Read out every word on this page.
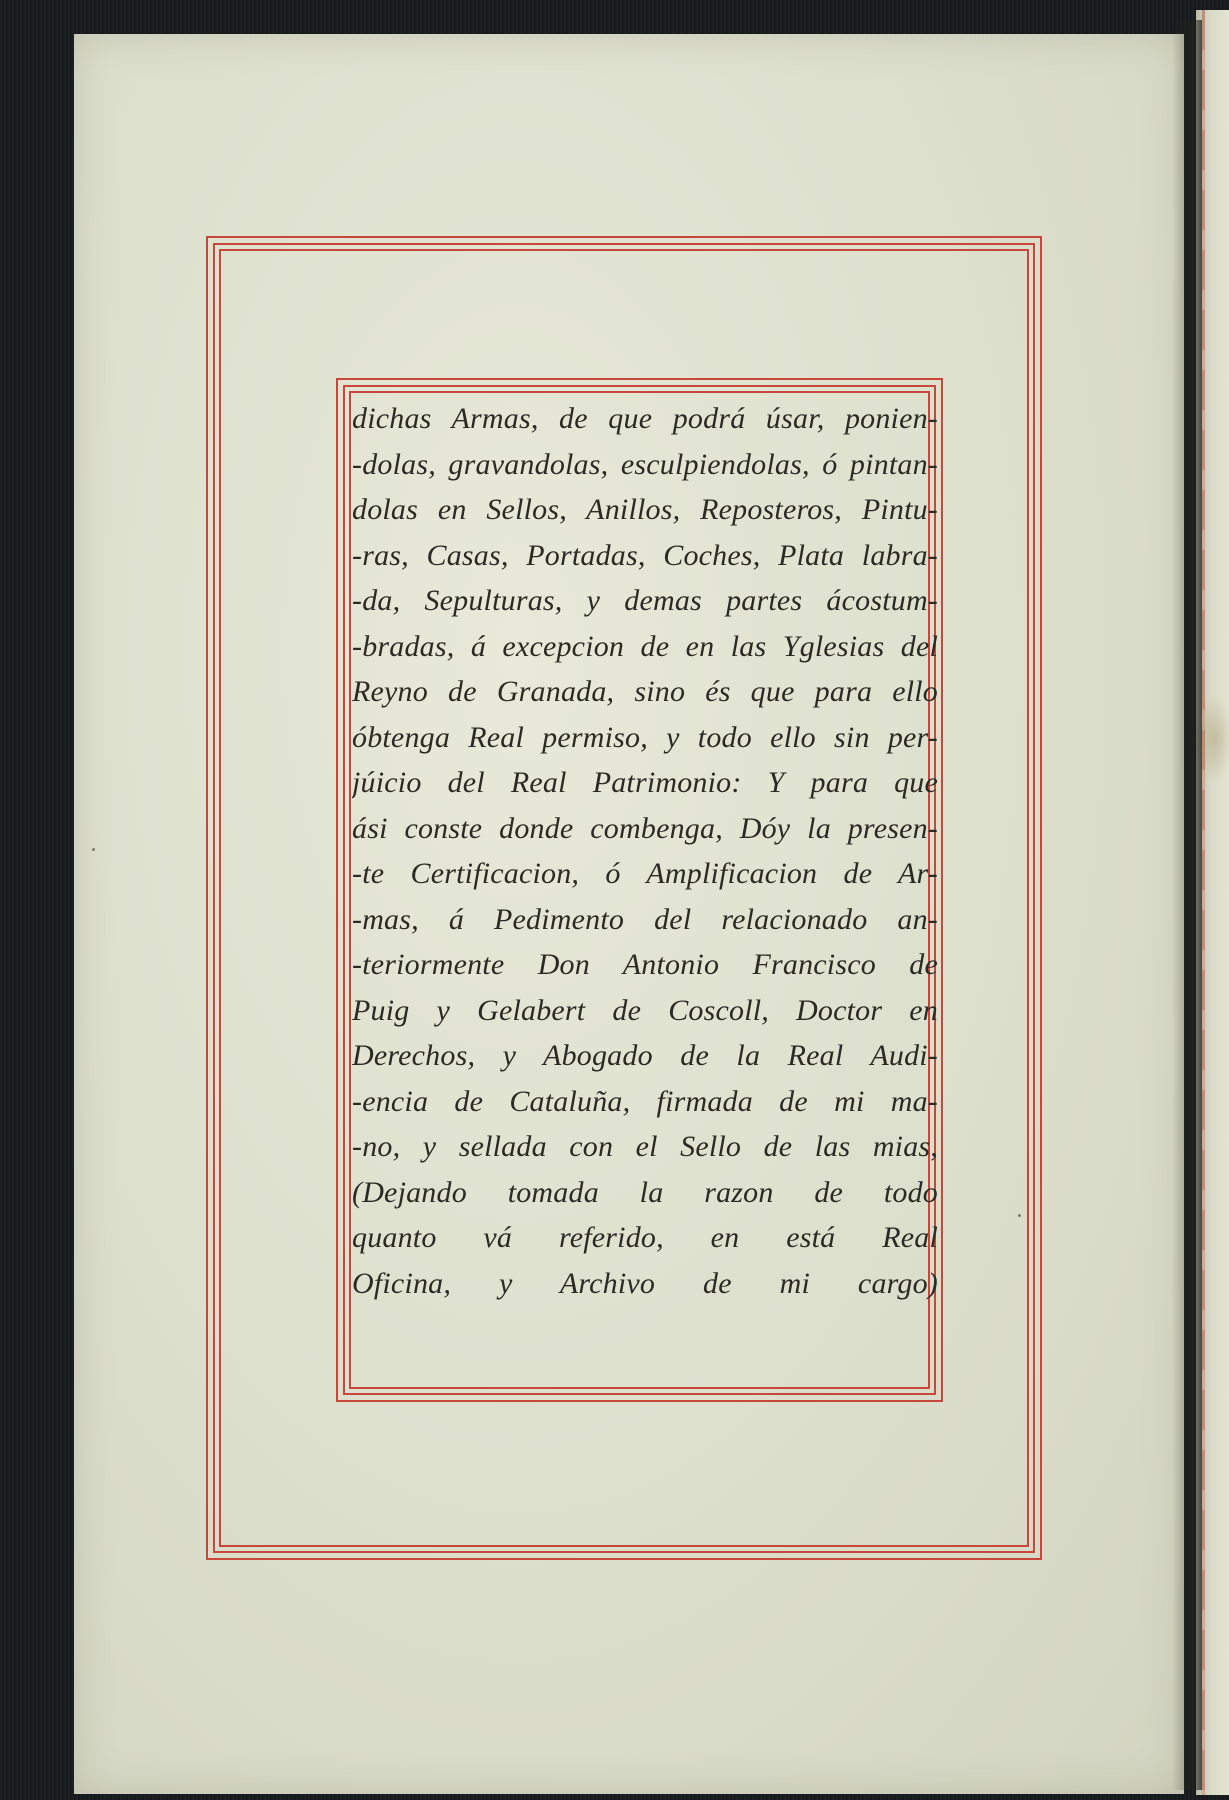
dichas Armas, de que podrá úsar, ponien-
-dolas, gravandolas, esculpiendolas, ó pintan-
dolas en Sellos, Anillos, Reposteros, Pintu-
-ras, Casas, Portadas, Coches, Plata labra-
-da, Sepulturas, y demas partes ácostum-
-bradas, á excepcion de en las Yglesias del
Reyno de Granada, sino és que para ello
óbtenga Real permiso, y todo ello sin per-
júicio del Real Patrimonio: Y para que
ási conste donde combenga, Dóy la presen-
-te Certificacion, ó Amplificacion de Ar-
-mas, á Pedimento del relacionado an-
-teriormente Don Antonio Francisco de
Puig y Gelabert de Coscoll, Doctor en
Derechos, y Abogado de la Real Audi-
-encia de Cataluña, firmada de mi ma-
-no, y sellada con el Sello de las mias,
(Dejando tomada la razon de todo
quanto vá referido, en está Real
Oficina, y Archivo de mi cargo)
